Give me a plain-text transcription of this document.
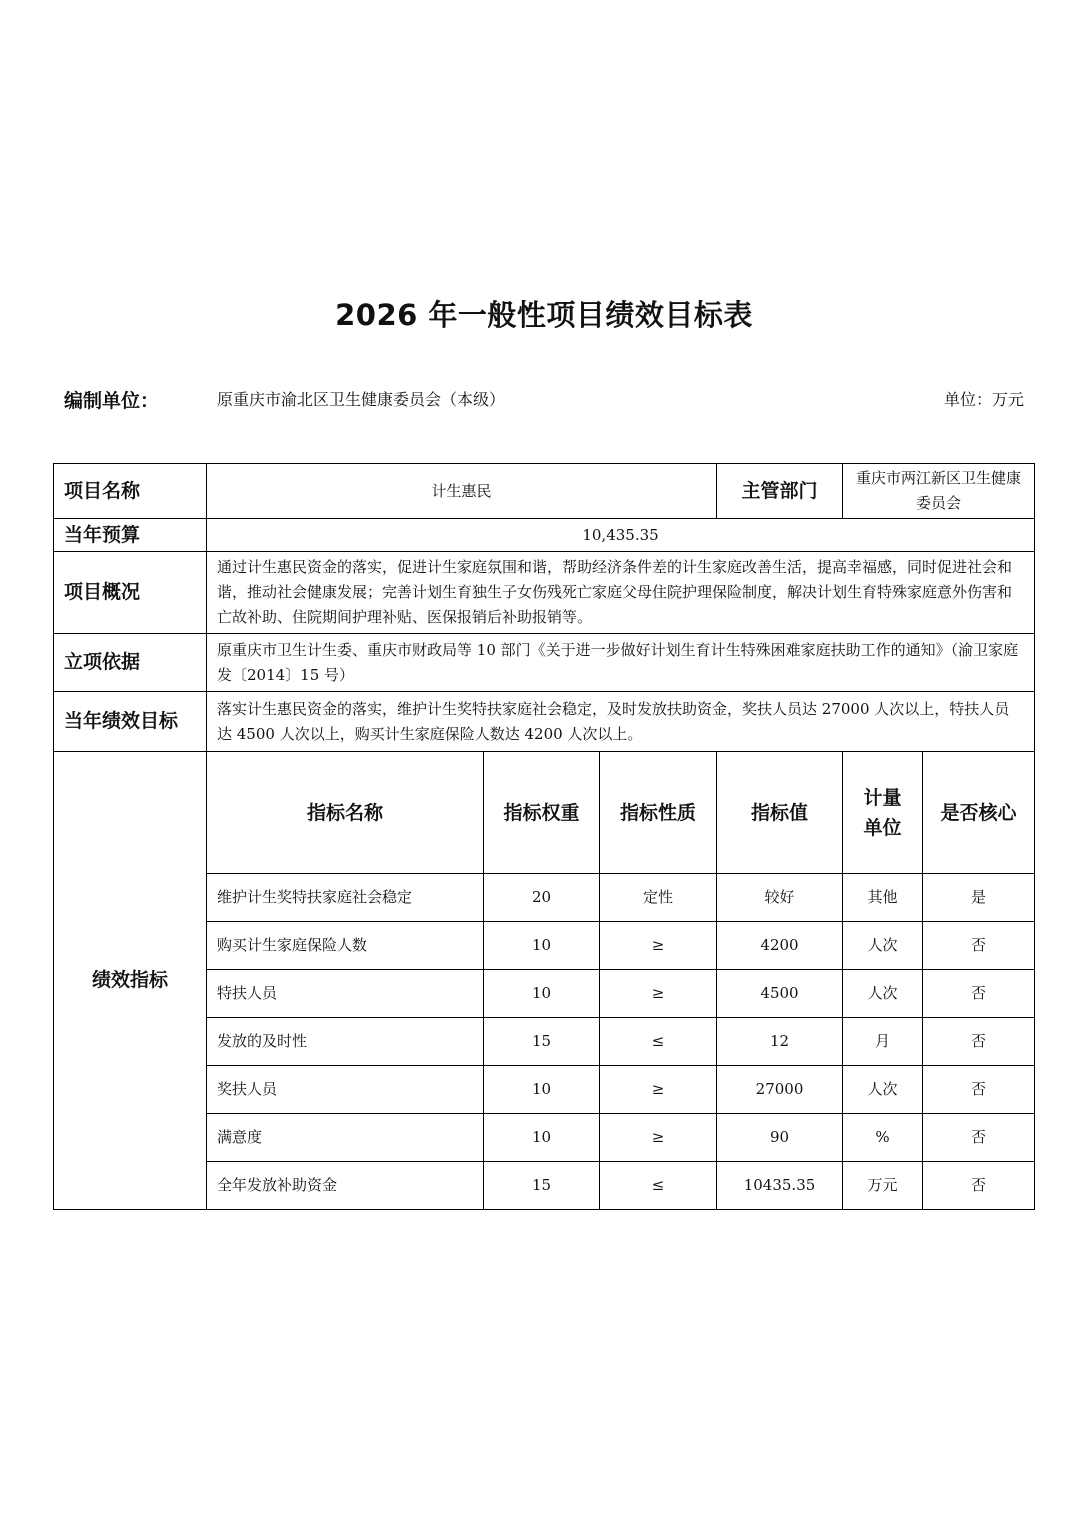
2026 年一般性项目绩效目标表
编制单位：	原重庆市渝北区卫生健康委员会（本级）	单位：万元
项目名称	计生惠民			主管部门	重庆市两江新区卫生健康委员会	
当年预算	10,435.35					
项目概况	通过计生惠民资金的落实，促进计生家庭氛围和谐，帮助经济条件差的计生家庭改善生活，提高幸福感，同时促进社会和谐，推动社会健康发展；完善计划生育独生子女伤残死亡家庭父母住院护理保险制度，解决计划生育特殊家庭意外伤害和亡故补助、住院期间护理补贴、医保报销后补助报销等。					
立项依据	原重庆市卫生计生委、重庆市财政局等 10 部门《关于进一步做好计划生育计生特殊困难家庭扶助工作的通知》（渝卫家庭发〔2014〕15 号）					
当年绩效目标	落实计生惠民资金的落实，维护计生奖特扶家庭社会稳定，及时发放扶助资金，奖扶人员达 27000 人次以上，特扶人员达 4500 人次以上，购买计生家庭保险人数达 4200 人次以上。					
绩效指标	指标名称	指标权重	指标性质	指标值	计量单位	是否核心
	维护计生奖特扶家庭社会稳定	20	定性	较好	其他	是
	购买计生家庭保险人数	10	≥	4200	人次	否
	特扶人员	10	≥	4500	人次	否
	发放的及时性	15	≤	12	月	否
	奖扶人员	10	≥	27000	人次	否
	满意度	10	≥	90	%	否
	全年发放补助资金	15	≤	10435.35	万元	否
